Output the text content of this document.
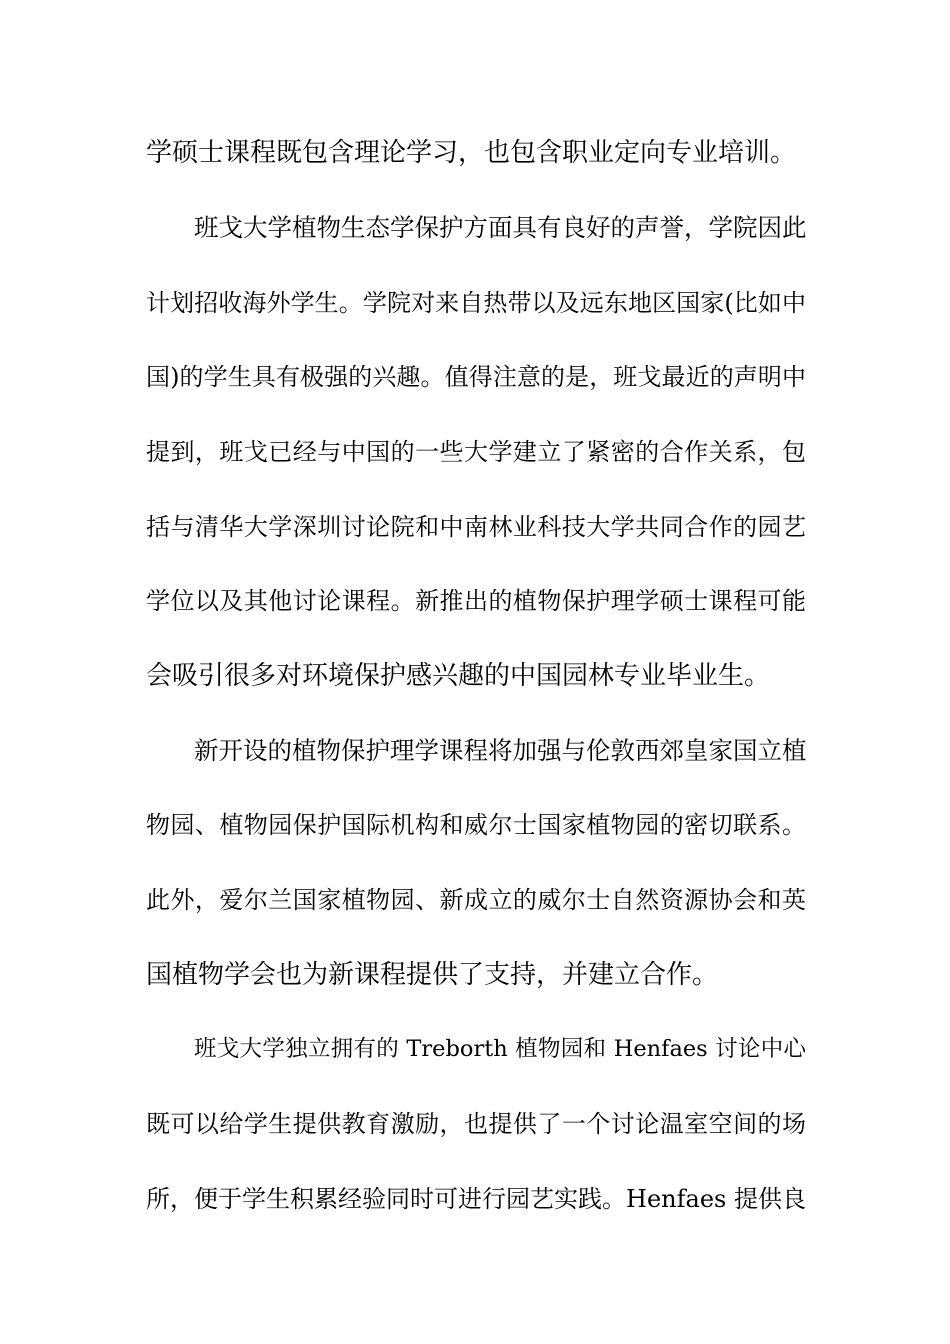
学硕士课程既包含理论学习，也包含职业定向专业培训。
班戈大学植物生态学保护方面具有良好的声誉，学院因此
计划招收海外学生。学院对来自热带以及远东地区国家(比如中
国)的学生具有极强的兴趣。值得注意的是，班戈最近的声明中
提到，班戈已经与中国的一些大学建立了紧密的合作关系，包
括与清华大学深圳讨论院和中南林业科技大学共同合作的园艺
学位以及其他讨论课程。新推出的植物保护理学硕士课程可能
会吸引很多对环境保护感兴趣的中国园林专业毕业生。
新开设的植物保护理学课程将加强与伦敦西郊皇家国立植
物园、植物园保护国际机构和威尔士国家植物园的密切联系。
此外，爱尔兰国家植物园、新成立的威尔士自然资源协会和英
国植物学会也为新课程提供了支持，并建立合作。
班戈大学独立拥有的 Treborth 植物园和 Henfaes 讨论中心
既可以给学生提供教育激励，也提供了一个讨论温室空间的场
所，便于学生积累经验同时可进行园艺实践。Henfaes 提供良
